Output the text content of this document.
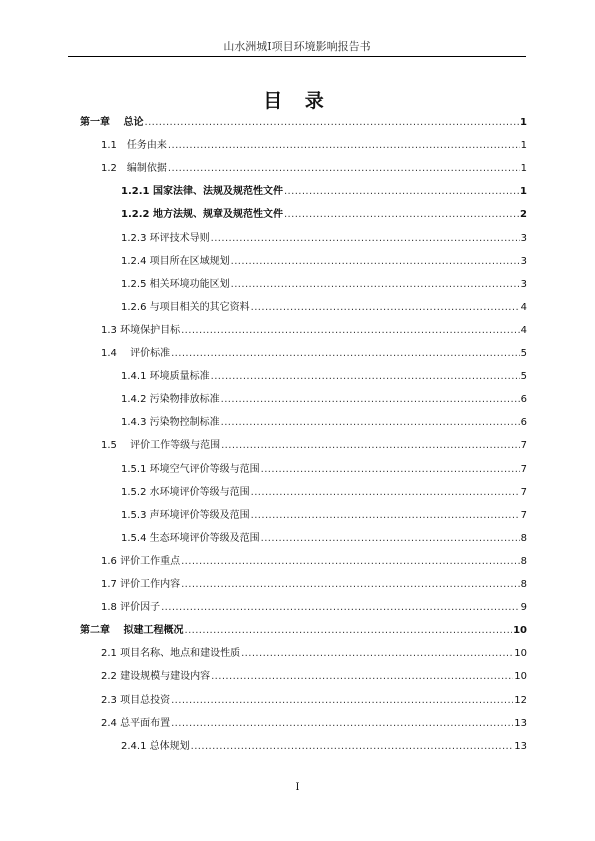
山水洲城Ⅰ项目环境影响报告书
目 录
第一章　 总论 .....	1
1.1　任务由来 .....	1
1.2　编制依据 .....	1
1.2.1 国家法律、法规及规范性文件 .....	1
1.2.2 地方法规、规章及规范性文件 .....	2
1.2.3 环评技术导则 .....	3
1.2.4 项目所在区域规划 .....	3
1.2.5 相关环境功能区划 .....	3
1.2.6 与项目相关的其它资料 .....	4
1.3 环境保护目标 .....	4
1.4　 评价标准 .....	5
1.4.1 环境质量标准 .....	5
1.4.2 污染物排放标准 .....	6
1.4.3 污染物控制标准 .....	6
1.5　 评价工作等级与范围 .....	7
1.5.1 环境空气评价等级与范围 .....	7
1.5.2 水环境评价等级与范围 .....	7
1.5.3 声环境评价等级及范围 .....	7
1.5.4 生态环境评价等级及范围 .....	8
1.6 评价工作重点 .....	8
1.7 评价工作内容 .....	8
1.8 评价因子 .....	9
第二章　 拟建工程概况 .....	10
2.1 项目名称、地点和建设性质 .....	10
2.2 建设规模与建设内容 .....	10
2.3 项目总投资 .....	12
2.4 总平面布置 .....	13
2.4.1 总体规划 .....	13
I
